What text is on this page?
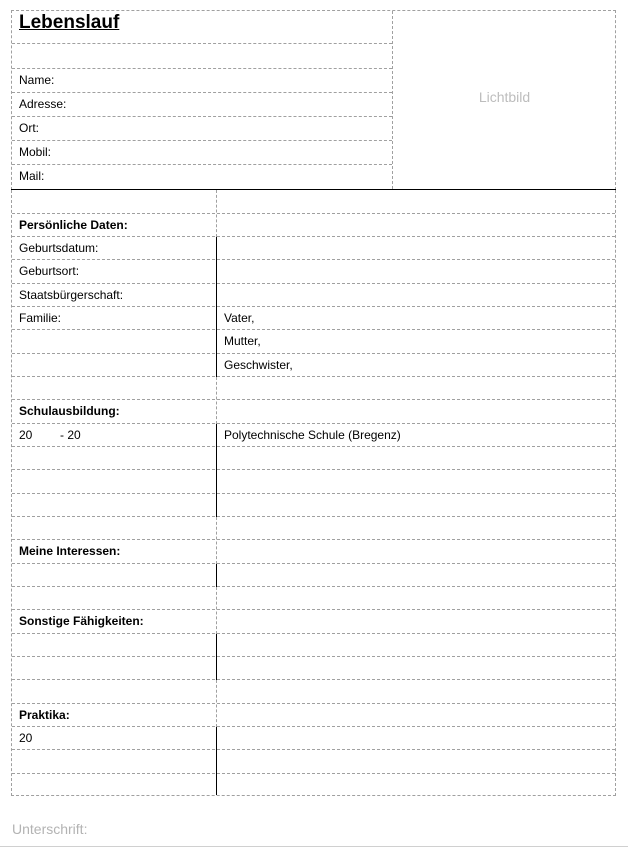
Lebenslauf
Name:
Adresse:
Ort:
Mobil:
Mail:
Lichtbild
Persönliche Daten:
Geburtsdatum:
Geburtsort:
Staatsbürgerschaft:
Familie:	Vater,
Mutter,
Geschwister,
Schulausbildung:
20 - 20	Polytechnische Schule (Bregenz)
Meine Interessen:
Sonstige Fähigkeiten:
Praktika:
20
Unterschrift:
